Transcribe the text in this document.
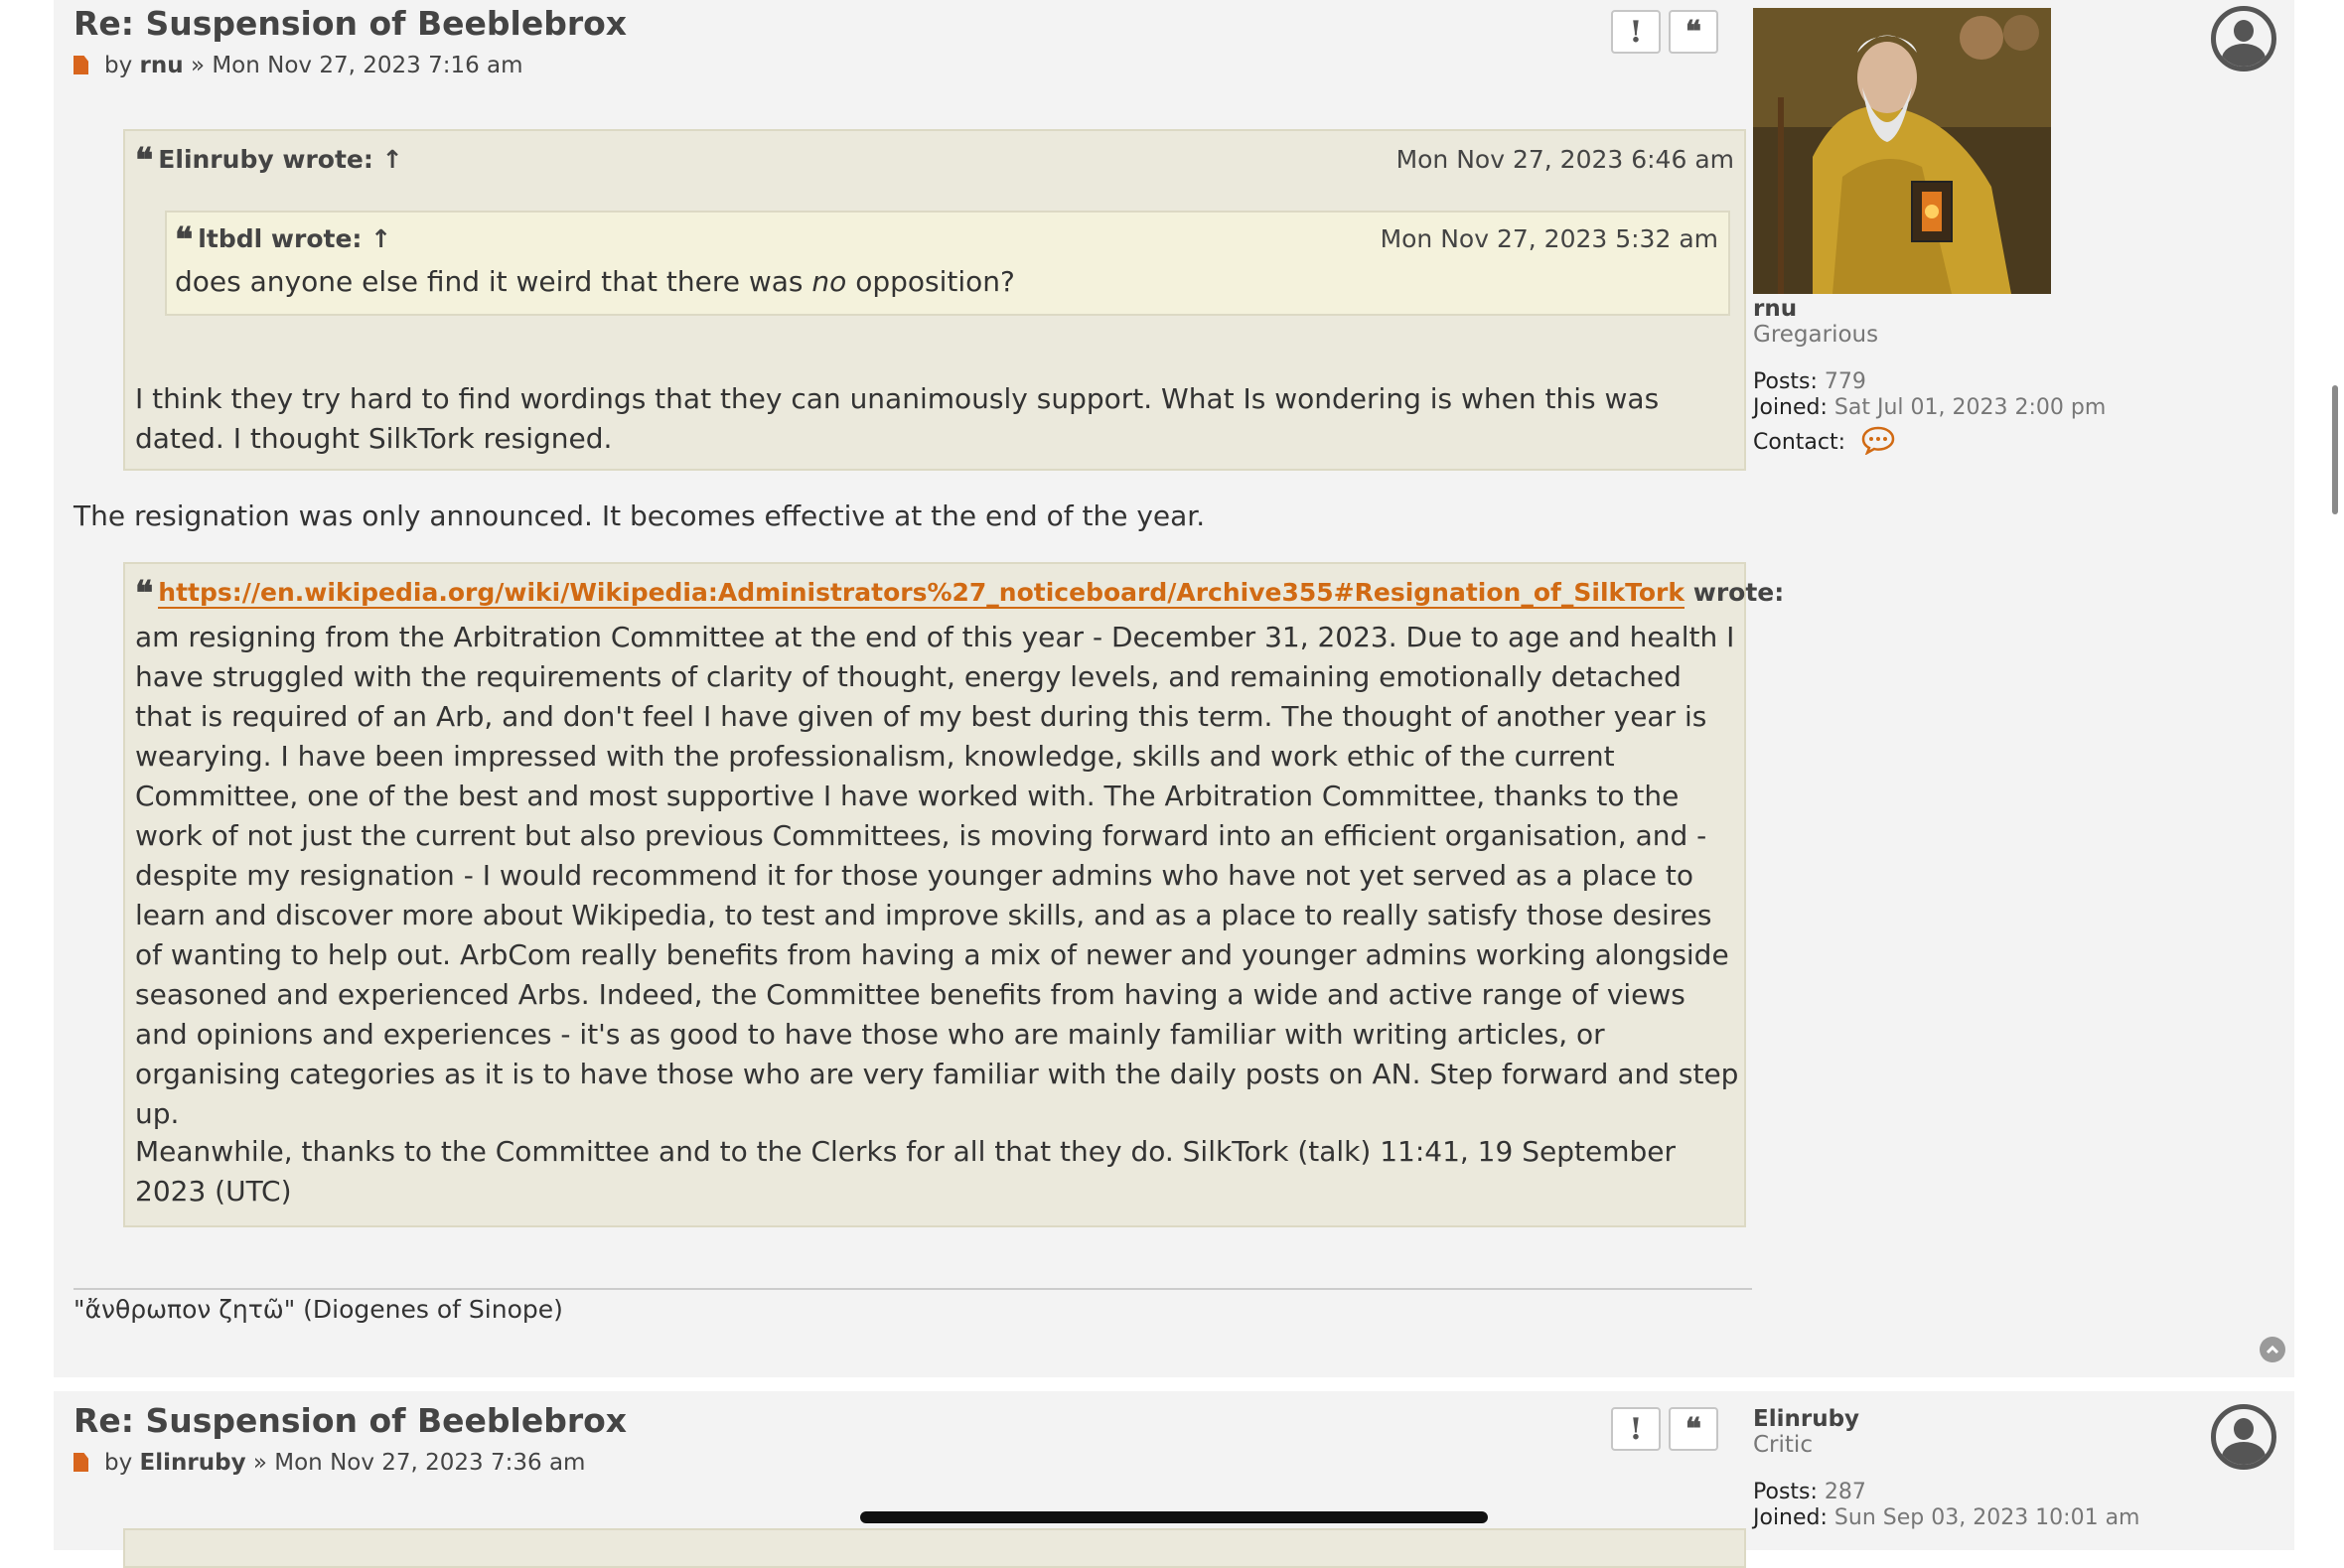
Re: Suspension of Beeblebrox
by rnu » Mon Nov 27, 2023 7:16 am
! ❝
❝ Elinruby wrote: ↑	Mon Nov 27, 2023 6:46 am
❝ ltbdl wrote: ↑	Mon Nov 27, 2023 5:32 am
does anyone else find it weird that there was no opposition?
I think they try hard to find wordings that they can unanimously support. What Is wondering is when this was dated. I thought SilkTork resigned.
The resignation was only announced. It becomes effective at the end of the year.
❝ https://en.wikipedia.org/wiki/Wikipedia:Administrators%27_noticeboard/Archive355#Resignation_of_SilkTork wrote:
am resigning from the Arbitration Committee at the end of this year - December 31, 2023. Due to age and health I have struggled with the requirements of clarity of thought, energy levels, and remaining emotionally detached that is required of an Arb, and don't feel I have given of my best during this term. The thought of another year is wearying. I have been impressed with the professionalism, knowledge, skills and work ethic of the current Committee, one of the best and most supportive I have worked with. The Arbitration Committee, thanks to the work of not just the current but also previous Committees, is moving forward into an efficient organisation, and - despite my resignation - I would recommend it for those younger admins who have not yet served as a place to learn and discover more about Wikipedia, to test and improve skills, and as a place to really satisfy those desires of wanting to help out. ArbCom really benefits from having a mix of newer and younger admins working alongside seasoned and experienced Arbs. Indeed, the Committee benefits from having a wide and active range of views and opinions and experiences - it's as good to have those who are mainly familiar with writing articles, or organising categories as it is to have those who are very familiar with the daily posts on AN. Step forward and step up.
Meanwhile, thanks to the Committee and to the Clerks for all that they do. SilkTork (talk) 11:41, 19 September 2023 (UTC)
"ἄνθρωπον ζητῶ" (Diogenes of Sinope)
rnu
Gregarious
Posts: 779
Joined: Sat Jul 01, 2023 2:00 pm
Contact:
Re: Suspension of Beeblebrox
by Elinruby » Mon Nov 27, 2023 7:36 am
! ❝ Elinruby
Critic
Posts: 287
Joined: Sun Sep 03, 2023 10:01 am
